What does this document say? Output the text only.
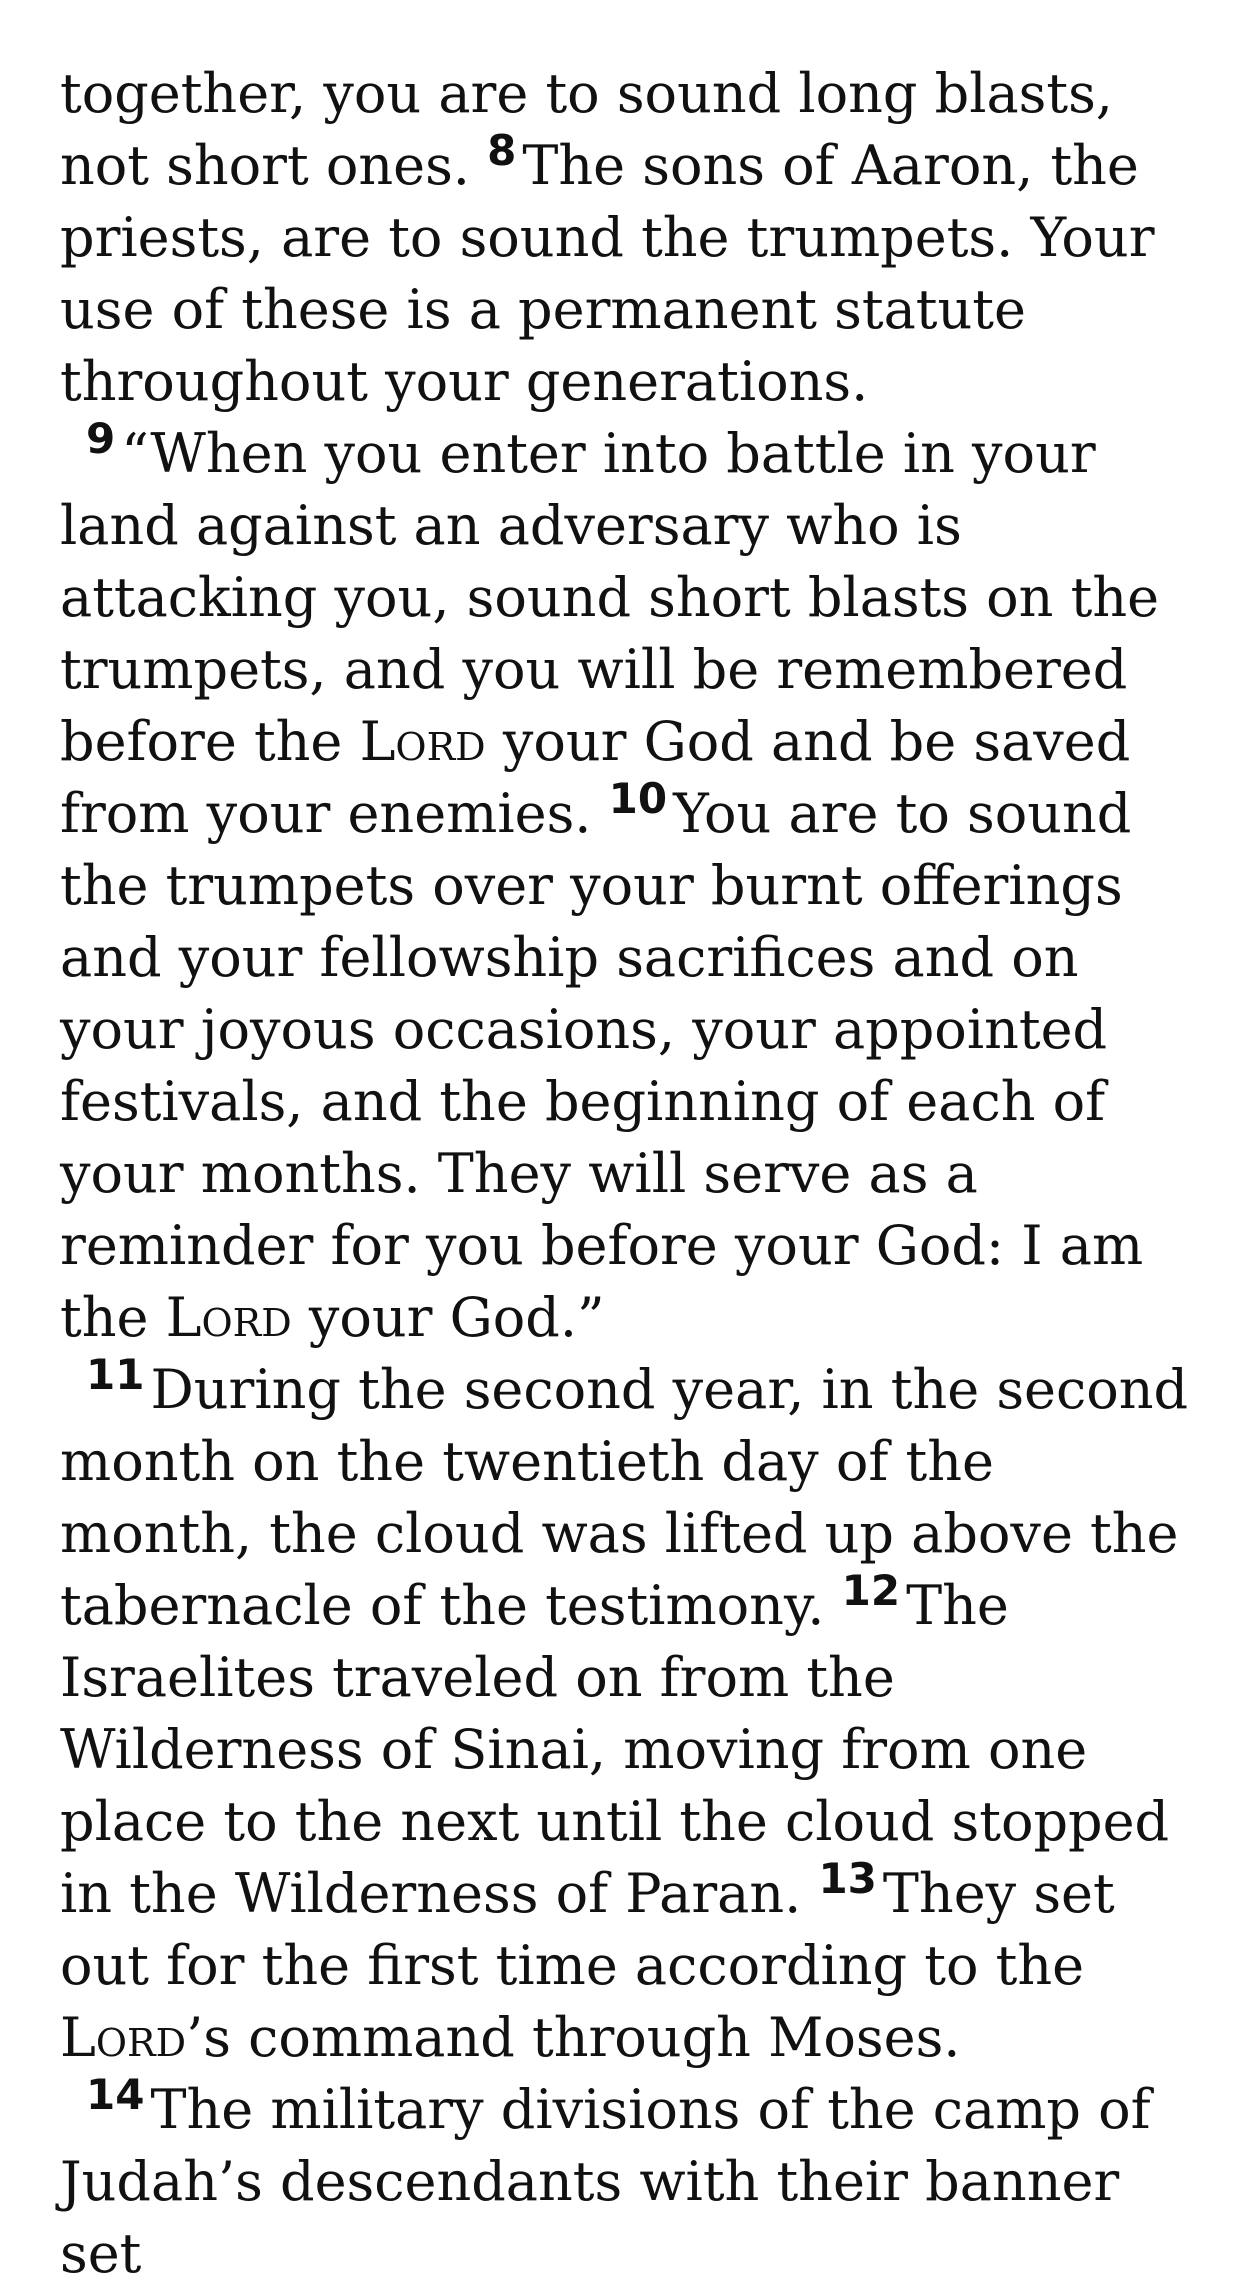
together, you are to sound long blasts, not short ones. $^8$ The sons of Aaron, the priests, are to sound the trumpets. Your use of these is a permanent statute throughout your generations.

$^9$ “When you enter into battle in your land against an adversary who is attacking you, sound short blasts on the trumpets, and you will be remembered before the Lord your God and be saved from your enemies. $^{10}$ You are to sound the trumpets over your burnt offerings and your fellowship sacrifices and on your joyous occasions, your appointed festivals, and the beginning of each of your months. They will serve as a reminder for you before your God: I am the Lord your God.”

$^{11}$ During the second year, in the second month on the twentieth day of the month, the cloud was lifted up above the tabernacle of the testimony. $^{12}$ The Israelites traveled on from the Wilderness of Sinai, moving from one place to the next until the cloud stopped in the Wilderness of Paran. $^{13}$ They set out for the first time according to the Lord’s command through Moses.

$^{14}$ The military divisions of the camp of Judah’s descendants with their banner set
